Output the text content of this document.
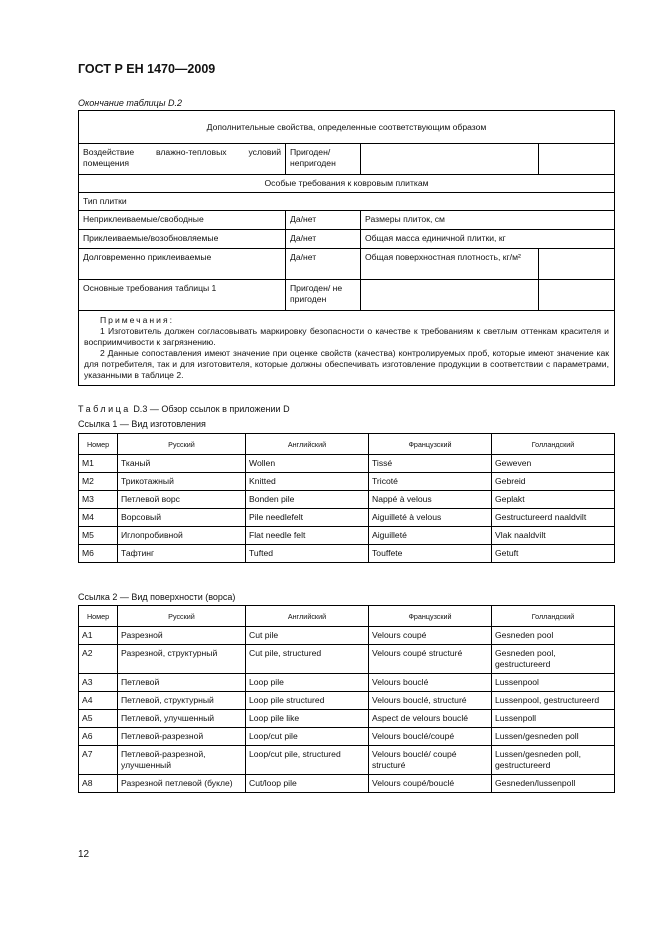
ГОСТ Р ЕН 1470—2009
Окончание таблицы D.2
Дополнительные свойства, определенные соответствующим образом			
Воздействие влажно-тепловых условий помещения	Пригоден/ непригоден		
Особые требования к ковровым плиткам			
Тип плитки			
Неприклеиваемые/свободные	Да/нет	Размеры плиток, см	
Приклеиваемые/возобновляемые	Да/нет	Общая масса единичной плитки, кг	
Долговременно приклеиваемые	Да/нет	Общая поверхностная плотность, кг/м²	
Основные требования таблицы 1	Пригоден/ не пригоден		

Примечания:

1 Изготовитель должен согласовывать маркировку безопасности о качестве к требованиям к светлым оттенкам красителя и восприимчивости к загрязнению.

2 Данные сопоставления имеют значение при оценке свойств (качества) контролируемых проб, которые имеют значение как для потребителя, так и для изготовителя, которые должны обеспечивать изготовление продукции в соответствии с параметрами, указанными в таблице 2.			

Таблица D.3 — Обзор ссылок в приложении D
Ссылка 1 — Вид изготовления
Номер	Русский	Английский	Французский	Голландский
M1	Тканый	Wollen	Tissé	Geweven
M2	Трикотажный	Knitted	Tricoté	Gebreid
M3	Петлевой ворс	Bonden pile	Nappé à velous	Geplakt
M4	Ворсовый	Pile needlefelt	Aiguilleté à velous	Gestructureerd naaldvilt
M5	Иглопробивной	Flat needle felt	Aiguilleté	Vlak naaldvilt
M6	Тафтинг	Tufted	Touffete	Getuft
Ссылка 2 — Вид поверхности (ворса)
Номер	Русский	Английский	Французский	Голландский
A1	Разрезной	Cut pile	Velours coupé	Gesneden pool
A2	Разрезной, структурный	Cut pile, structured	Velours coupé structuré	Gesneden pool, gestructureerd
A3	Петлевой	Loop pile	Velours bouclé	Lussenpool
A4	Петлевой, структурный	Loop pile structured	Velours bouclé, structuré	Lussenpool, gestructureerd
A5	Петлевой, улучшенный	Loop pile like	Aspect de velours bouclé	Lussenpoll
A6	Петлевой-разрезной	Loop/cut pile	Velours bouclé/coupé	Lussen/gesneden poll
A7	Петлевой-разрезной, улучшенный	Loop/cut pile, structured	Velours bouclé/ coupé structuré	Lussen/gesneden poll, gestructureerd
A8	Разрезной петлевой (букле)	Cut/loop pile	Velours coupé/bouclé	Gesneden/lussenpoll
12
